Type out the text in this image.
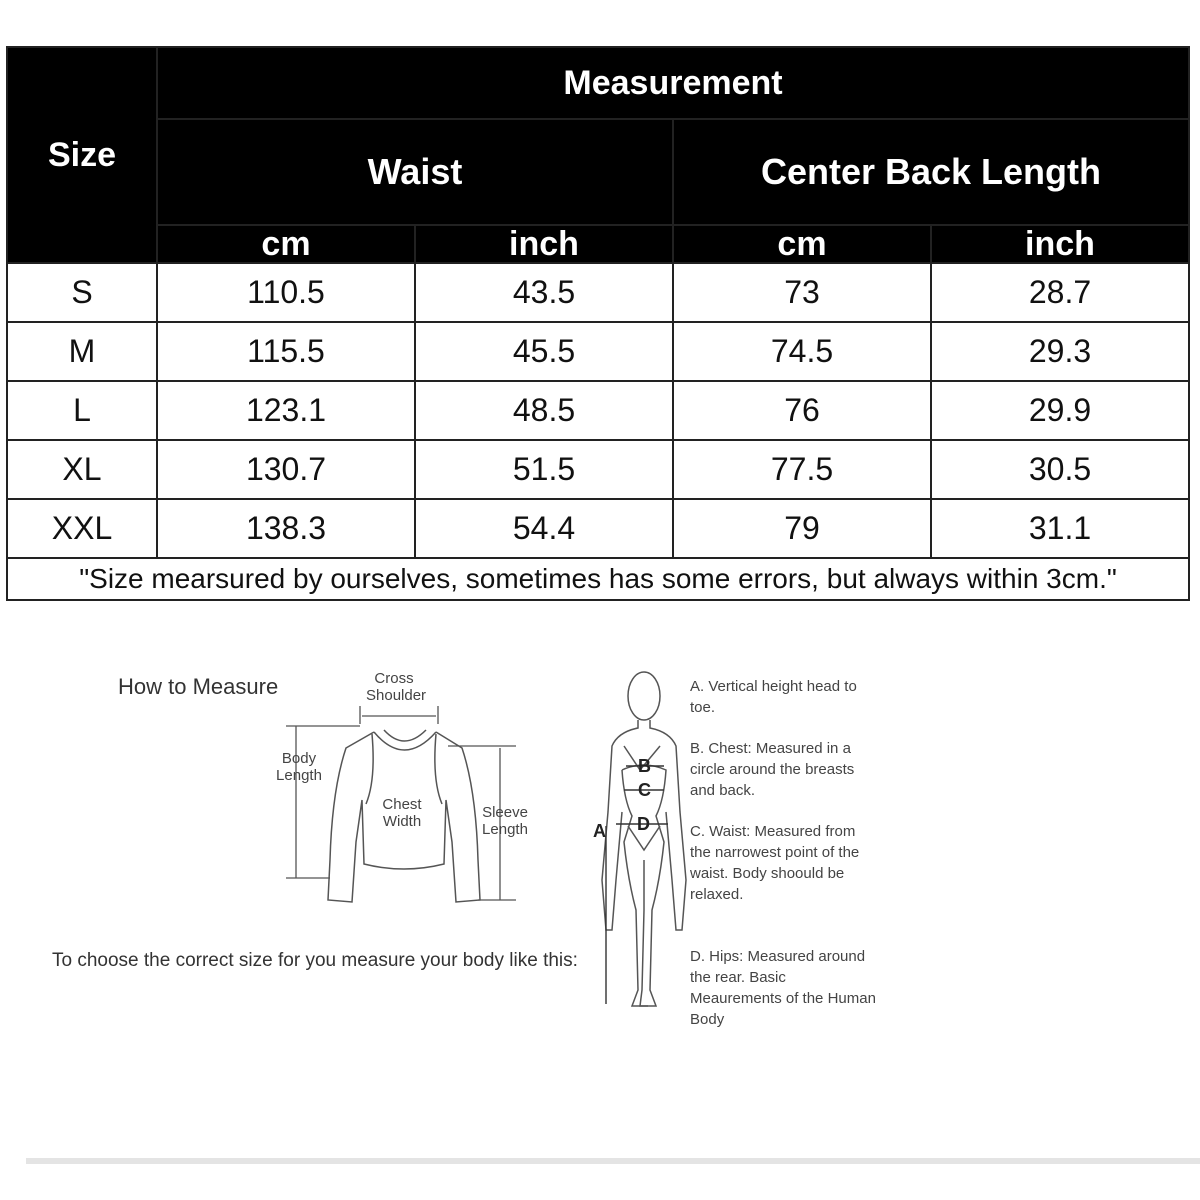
Size	Measurement			
	Waist		Center Back Length	
	cm	inch	cm	inch
S	110.5	43.5	73	28.7
M	115.5	45.5	74.5	29.3
L	123.1	48.5	76	29.9
XL	130.7	51.5	77.5	30.5
XXL	138.3	54.4	79	31.1
"Size mearsured by ourselves, sometimes has some errors, but always within 3cm."				
How to Measure	Cross Shoulder
Body Length
Chest Width
Sleeve Length
To choose the correct size for you measure your body like this:
A
B
C
D
A. Vertical height head to toe.
B. Chest: Measured in a circle around the breasts and back.
C. Waist: Measured from the narrowest point of the waist. Body shoould be relaxed.
D. Hips: Measured around the rear. Basic Meaurements of the Human Body
